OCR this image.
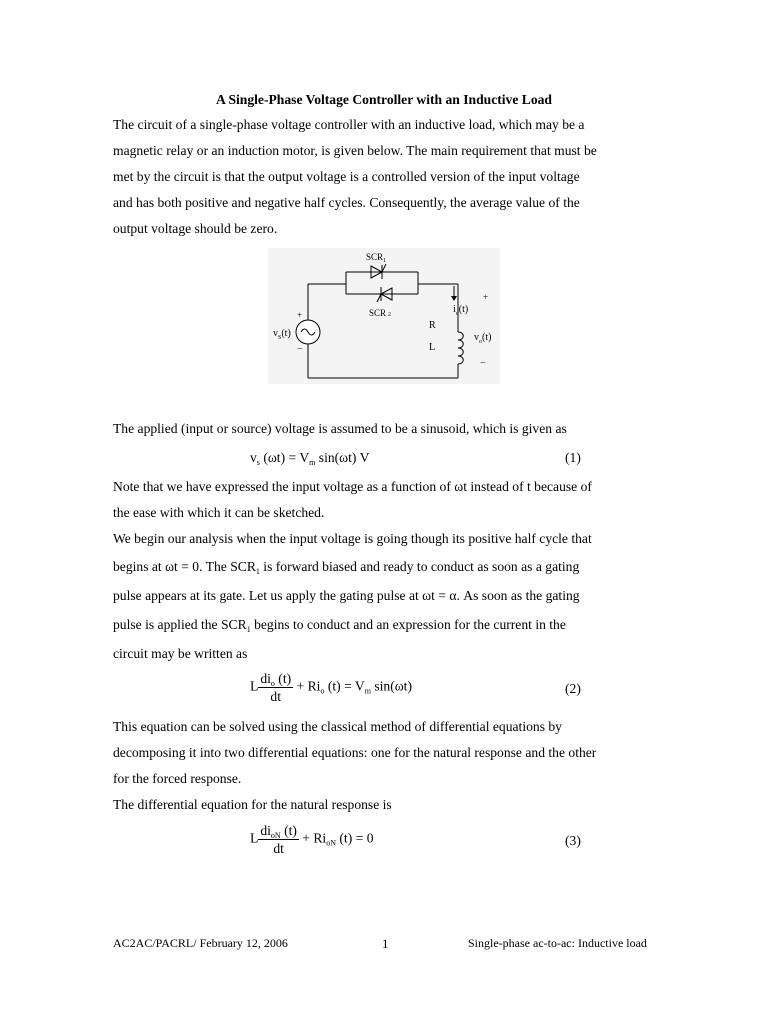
A Single-Phase Voltage Controller with an Inductive Load
The circuit of a single-phase voltage controller with an inductive load, which may be a
magnetic relay or an induction motor, is given below. The main requirement that must be
met by the circuit is that the output voltage is a controlled version of the input voltage
and has both positive and negative half cycles. Consequently, the average value of the
output voltage should be zero.
$SCR_1$
SCR 2
+
−
$v_S(t)$
$i_o(t)$
R
L
+
$v_o(t)$
−
The applied (input or source) voltage is assumed to be a sinusoid, which is given as
$v_s$ $(\omega t) = V_m$ sin(ωt) V	(1)
Note that we have expressed the input voltage as a function of ωt instead of t because of
the ease with which it can be sketched.
We begin our analysis when the input voltage is going though its positive half cycle that
begins at ωt = 0. The $SCR_1$ is forward biased and ready to conduct as soon as a gating
pulse appears at its gate. Let us apply the gating pulse at ωt = α. As soon as the gating
pulse is applied the $SCR_1$ begins to conduct and an expression for the current in the
circuit may be written as
L $\frac{di_o (t)}{dt} + Ri_o$ $(t) = V_m$ sin(ωt)	(2)
This equation can be solved using the classical method of differential equations by
decomposing it into two differential equations: one for the natural response and the other
for the forced response.
The differential equation for the natural response is
L $\frac{di_{oN} (t)}{dt} + Ri_{oN}$ (t) = 0	(3)
AC2AC/PACRL/ February 12, 2006	1	Single-phase ac-to-ac: Inductive load
